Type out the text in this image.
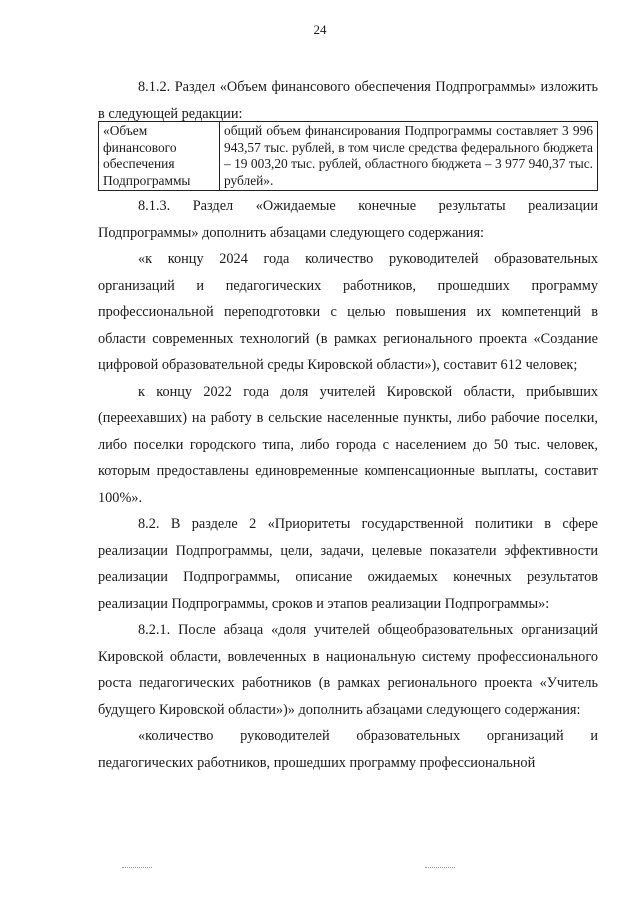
24

8.1.2. Раздел «Объем финансового обеспечения Подпрограммы» изложить в следующей редакции:

«Объем финансового обеспечения Подпрограммы	общий объем финансирования Подпрограммы составляет 3 996 943,57 тыс. рублей, в том числе средства федерального бюджета – 19 003,20 тыс. рублей, областного бюджета – 3 977 940,37 тыс. рублей».

8.1.3. Раздел «Ожидаемые конечные результаты реализации Подпрограммы» дополнить абзацами следующего содержания:

«к концу 2024 года количество руководителей образовательных организаций и педагогических работников, прошедших программу профессиональной переподготовки с целью повышения их компетенций в области современных технологий (в рамках регионального проекта «Создание цифровой образовательной среды Кировской области»), составит 612 человек;

к концу 2022 года доля учителей Кировской области, прибывших (переехавших) на работу в сельские населенные пункты, либо рабочие поселки, либо поселки городского типа, либо города с населением до 50 тыс. человек, которым предоставлены единовременные компенсационные выплаты, составит 100%».

8.2. В разделе 2 «Приоритеты государственной политики в сфере реализации Подпрограммы, цели, задачи, целевые показатели эффективности реализации Подпрограммы, описание ожидаемых конечных результатов реализации Подпрограммы, сроков и этапов реализации Подпрограммы»:

8.2.1. После абзаца «доля учителей общеобразовательных организаций Кировской области, вовлеченных в национальную систему профессионального роста педагогических работников (в рамках регионального проекта «Учитель будущего Кировской области»)» дополнить абзацами следующего содержания:

«количество руководителей образовательных организаций и педагогических работников, прошедших программу профессиональной
